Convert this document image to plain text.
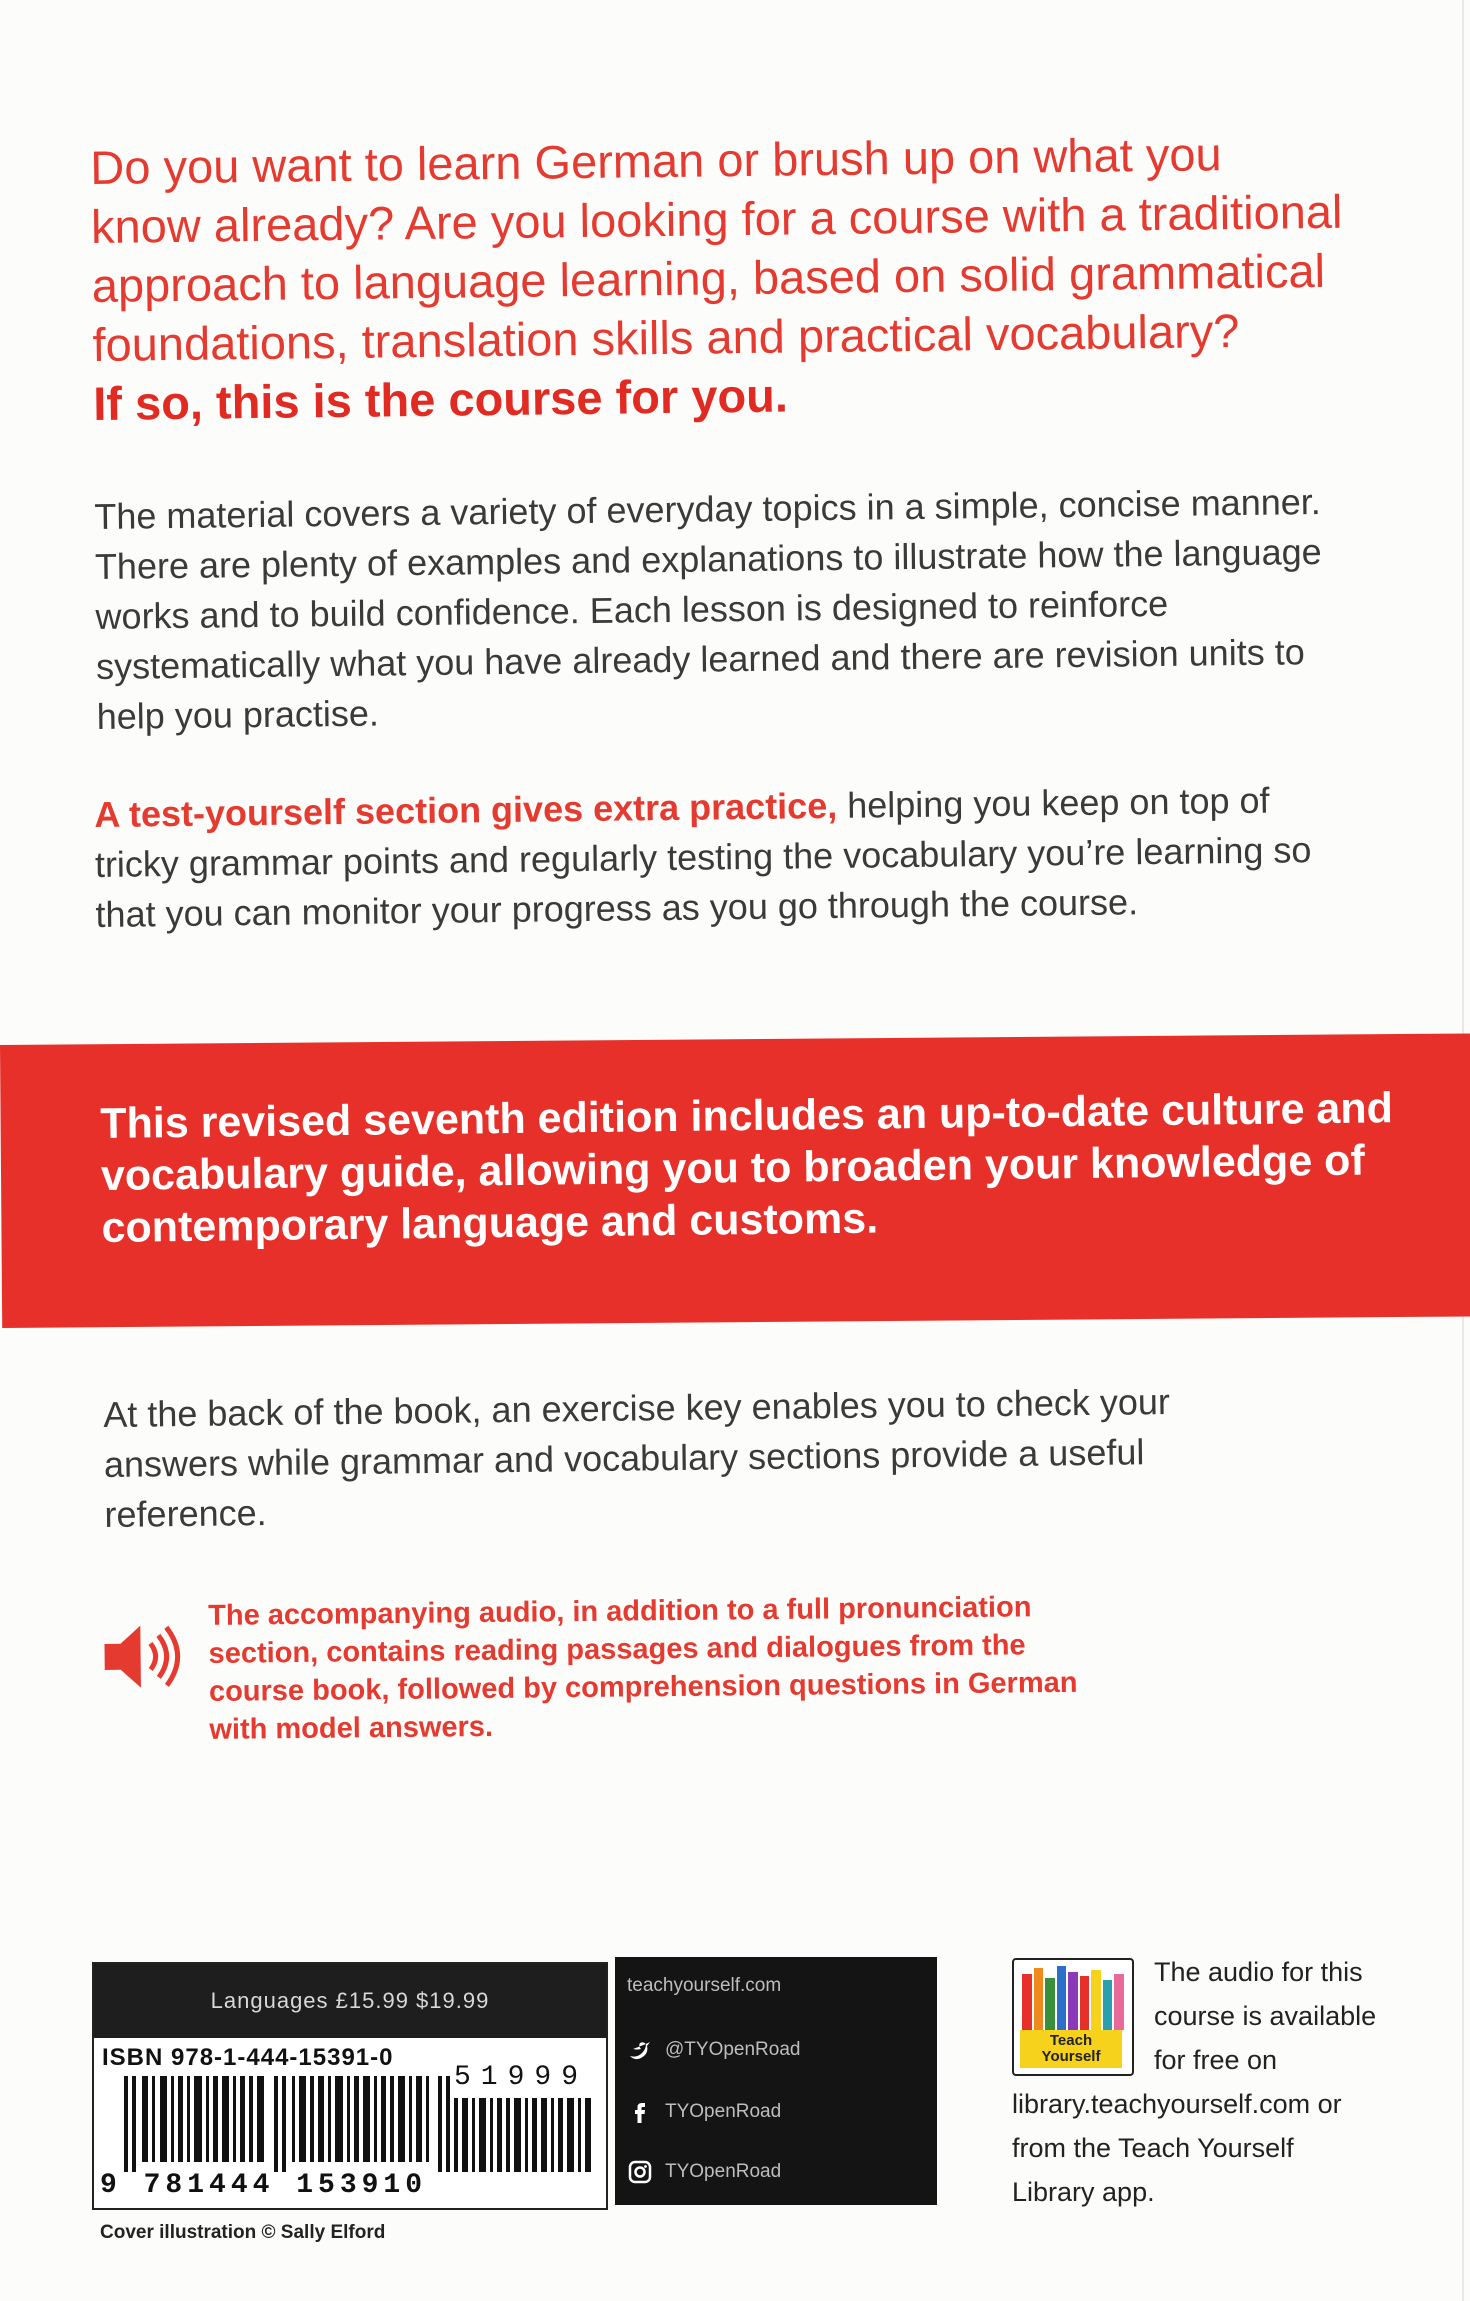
Do you want to learn German or brush up on what you
know already? Are you looking for a course with a traditional
approach to language learning, based on solid grammatical
foundations, translation skills and practical vocabulary?
If so, this is the course for you.

The material covers a variety of everyday topics in a simple, concise manner. There are plenty of examples and explanations to illustrate how the language works and to build confidence. Each lesson is designed to reinforce systematically what you have already learned and there are revision units to help you practise.

A test-yourself section gives extra practice, helping you keep on top of tricky grammar points and regularly testing the vocabulary you’re learning so that you can monitor your progress as you go through the course.

This revised seventh edition includes an up-to-date culture and vocabulary guide, allowing you to broaden your knowledge of contemporary language and customs.

At the back of the book, an exercise key enables you to check your answers while grammar and vocabulary sections provide a useful reference.

The accompanying audio, in addition to a full pronunciation section, contains reading passages and dialogues from the course book, followed by comprehension questions in German with model answers.

Languages £15.99 $19.99
ISBN 978-1-444-15391-0
51999
9 781444 153910
teachyourself.com
@TYOpenRoad
TYOpenRoad
TYOpenRoad
Cover illustration © Sally Elford
Teach
Yourself
The audio for this
course is available
for free on
library.teachyourself.com or
from the Teach Yourself
Library app.
